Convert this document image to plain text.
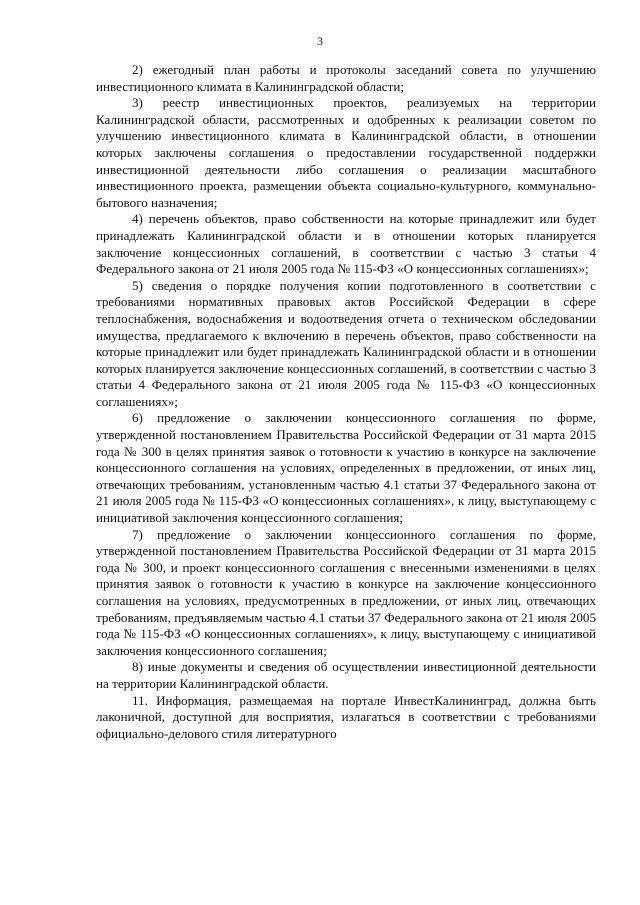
3

2) ежегодный план работы и протоколы заседаний совета по улучшению инвестиционного климата в Калининградской области;

3) реестр инвестиционных проектов, реализуемых на территории Калининградской области, рассмотренных и одобренных к реализации советом по улучшению инвестиционного климата в Калининградской области, в отношении которых заключены соглашения о предоставлении государственной поддержки инвестиционной деятельности либо соглашения о реализации масштабного инвестиционного проекта, размещении объекта социально-культурного, коммунально-бытового назначения;

4) перечень объектов, право собственности на которые принадлежит или будет принадлежать Калининградской области и в отношении которых планируется заключение концессионных соглашений, в соответствии с частью 3 статьи 4 Федерального закона от 21 июля 2005 года № 115-ФЗ «О концессионных соглашениях»;

5) сведения о порядке получения копии подготовленного в соответствии с требованиями нормативных правовых актов Российской Федерации в сфере теплоснабжения, водоснабжения и водоотведения отчета о техническом обследовании имущества, предлагаемого к включению в перечень объектов, право собственности на которые принадлежит или будет принадлежать Калининградской области и в отношении которых планируется заключение концессионных соглашений, в соответствии с частью 3 статьи 4 Федерального закона от 21 июля 2005 года № 115-ФЗ «О концессионных соглашениях»;

6) предложение о заключении концессионного соглашения по форме, утвержденной постановлением Правительства Российской Федерации от 31 марта 2015 года № 300 в целях принятия заявок о готовности к участию в конкурсе на заключение концессионного соглашения на условиях, определенных в предложении, от иных лиц, отвечающих требованиям, установленным частью 4.1 статьи 37 Федерального закона от 21 июля 2005 года № 115-ФЗ «О концессионных соглашениях», к лицу, выступающему с инициативой заключения концессионного соглашения;

7) предложение о заключении концессионного соглашения по форме, утвержденной постановлением Правительства Российской Федерации от 31 марта 2015 года № 300, и проект концессионного соглашения с внесенными изменениями в целях принятия заявок о готовности к участию в конкурсе на заключение концессионного соглашения на условиях, предусмотренных в предложении, от иных лиц, отвечающих требованиям, предъявляемым частью 4.1 статьи 37 Федерального закона от 21 июля 2005 года № 115-ФЗ «О концессионных соглашениях», к лицу, выступающему с инициативой заключения концессионного соглашения;

8) иные документы и сведения об осуществлении инвестиционной деятельности на территории Калининградской области.

11. Информация, размещаемая на портале ИнвестКалининград, должна быть лаконичной, доступной для восприятия, излагаться в соответствии с требованиями официально-делового стиля литературного
